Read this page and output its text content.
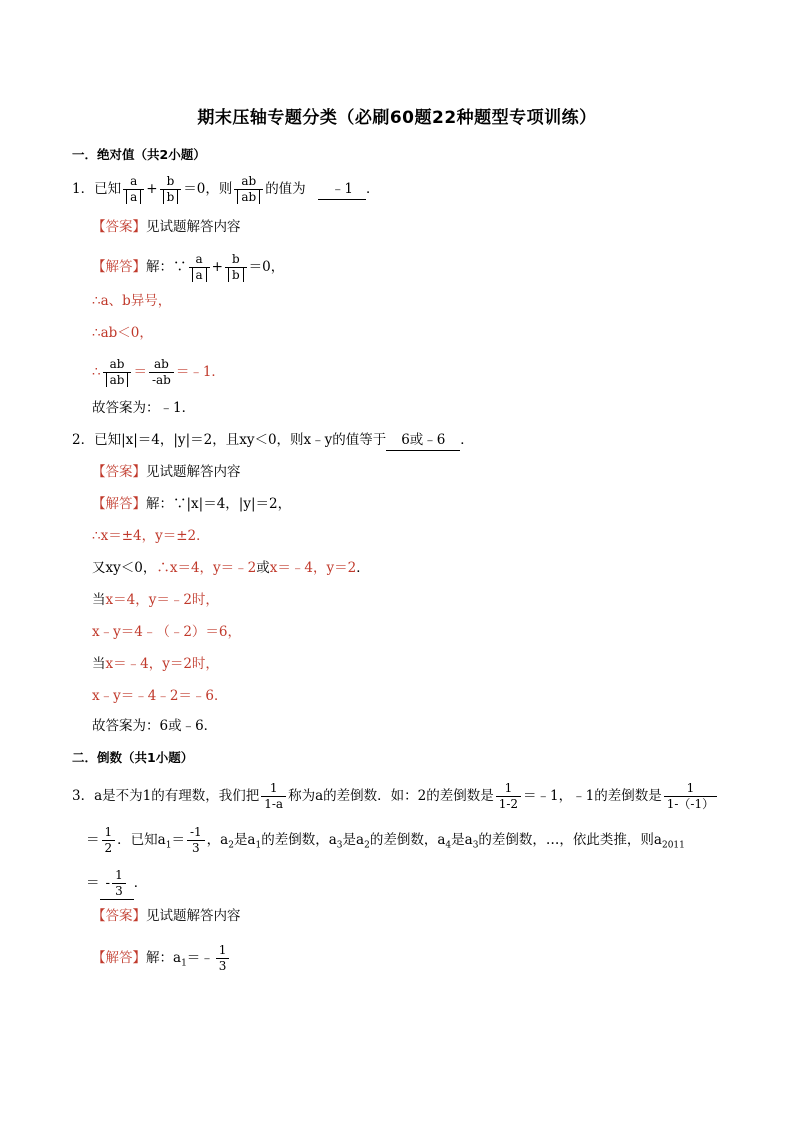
期末压轴专题分类（必刷60题22种题型专项训练）
一．绝对值（共2小题）
1．已知 $\frac{a}{a} + \frac{b}{b} =0$，则 $\frac{ab}{ab}$ 的值为 ﹣1 ．
【答案】见试题解答内容
【解答】解：∵ $\frac{a}{a} + \frac{b}{b} =0$，
∴a、b异号，
∴ab＜0，
∴ $\frac{ab}{ab} = \frac{ab}{-ab}$ ＝﹣1．
故答案为：﹣1．
2．已知|x|＝4，|y|＝2，且xy＜0，则x﹣y的值等于 6或﹣6 ．
【答案】见试题解答内容
【解答】解：∵|x|＝4，|y|＝2，
∴x＝±4，y＝±2．
又xy＜0，∴x＝4，y＝﹣2或x＝﹣4，y＝2．
当x＝4，y＝﹣2时，
x﹣y＝4﹣（﹣2）＝6，
当x＝﹣4，y＝2时，
x﹣y＝﹣4﹣2＝﹣6．
故答案为：6或﹣6．
二．倒数（共1小题）
3．a是不为1的有理数，我们把 $\frac{1}{1-a}$ 称为a的差倒数．如：2的差倒数是 $\frac{1}{1-2}$ ＝﹣1，﹣1的差倒数是 $\frac{1}{1-(-1)}$
＝ $\frac{1}{2}$ ．已知$a_1= \frac{-1}{3}$ ，$a_2$是$a_1$的差倒数，$a_3$是$a_2$的差倒数，$a_4$是$a_3$的差倒数，…，依此类推，则$a_{2011}$
＝ - $\frac{1}{3}$ ．
【答案】见试题解答内容
【解答】解：$a_1=﹣ \frac{1}{3}$
